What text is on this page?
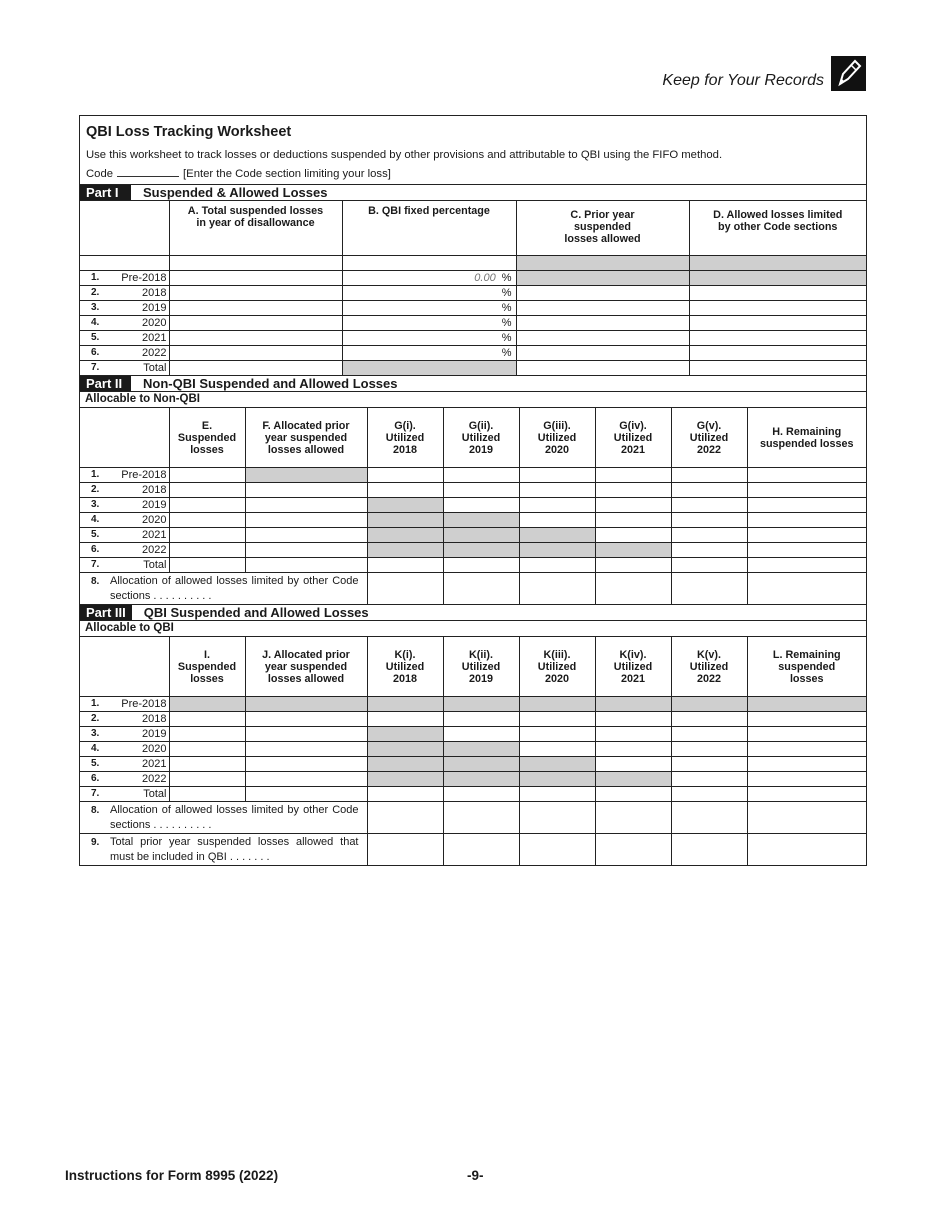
Keep for Your Records
QBI Loss Tracking Worksheet
Use this worksheet to track losses or deductions suspended by other provisions and attributable to QBI using the FIFO method.
Code	[Enter the Code section limiting your loss]
Part I	Suspended & Allowed Losses
	A. Total suspended losses in year of disallowance	B. QBI fixed percentage	C. Prior year suspended losses allowed	D. Allowed losses limited by other Code sections

1. Pre-2018		0.00 %		

2. 2018		%		

3. 2019		%		

4. 2020		%		

5. 2021		%		

6. 2022		%		

7. Total				

Part II	Non-QBI Suspended and Allowed Losses
Allocable to Non-QBI
	E. Suspended losses	F. Allocated prior year suspended losses allowed	G(i). Utilized 2018	G(ii). Utilized 2019	G(iii). Utilized 2020	G(iv). Utilized 2021	G(v). Utilized 2022	H. Remaining suspended losses

1. Pre-2018								

2. 2018								

3. 2019								

4. 2020								

5. 2021								

6. 2022								

7. Total								

8. Allocation of allowed losses limited by other Code sections . . . . . . . . . .								
Part III	QBI Suspended and Allowed Losses
Allocable to QBI
	I. Suspended losses	J. Allocated prior year suspended losses allowed	K(i). Utilized 2018	K(ii). Utilized 2019	K(iii). Utilized 2020	K(iv). Utilized 2021	K(v). Utilized 2022	L. Remaining suspended losses

1. Pre-2018								

2. 2018								

3. 2019								

4. 2020								

5. 2021								

6. 2022								

7. Total								

8. Allocation of allowed losses limited by other Code sections . . . . . . . . . .								

9. Total prior year suspended losses allowed that must be included in QBI . . . . . . .								
Instructions for Form 8995 (2022)	-9-
